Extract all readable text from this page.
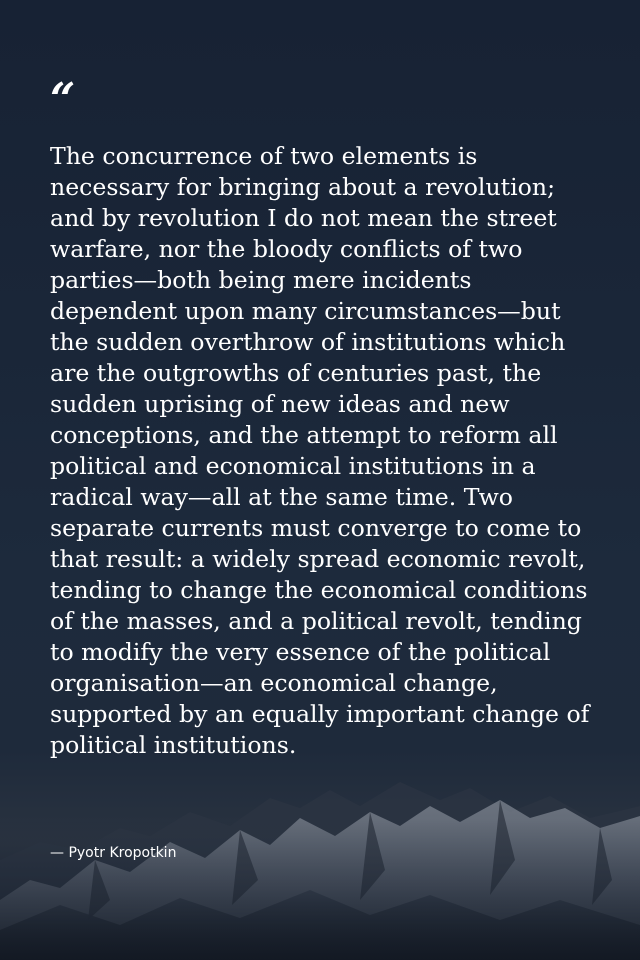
“

The concurrence of two elements is necessary for bringing about a revolution; and by revolution I do not mean the street warfare, nor the bloody conflicts of two parties—both being mere incidents dependent upon many circumstances—but the sudden overthrow of institutions which are the outgrowths of centuries past, the sudden uprising of new ideas and new conceptions, and the attempt to reform all political and economical institutions in a radical way—all at the same time. Two separate currents must converge to come to that result: a widely spread economic revolt, tending to change the economical conditions of the masses, and a political revolt, tending to modify the very essence of the political organisation—an economical change, supported by an equally important change of political institutions.

— Pyotr Kropotkin
